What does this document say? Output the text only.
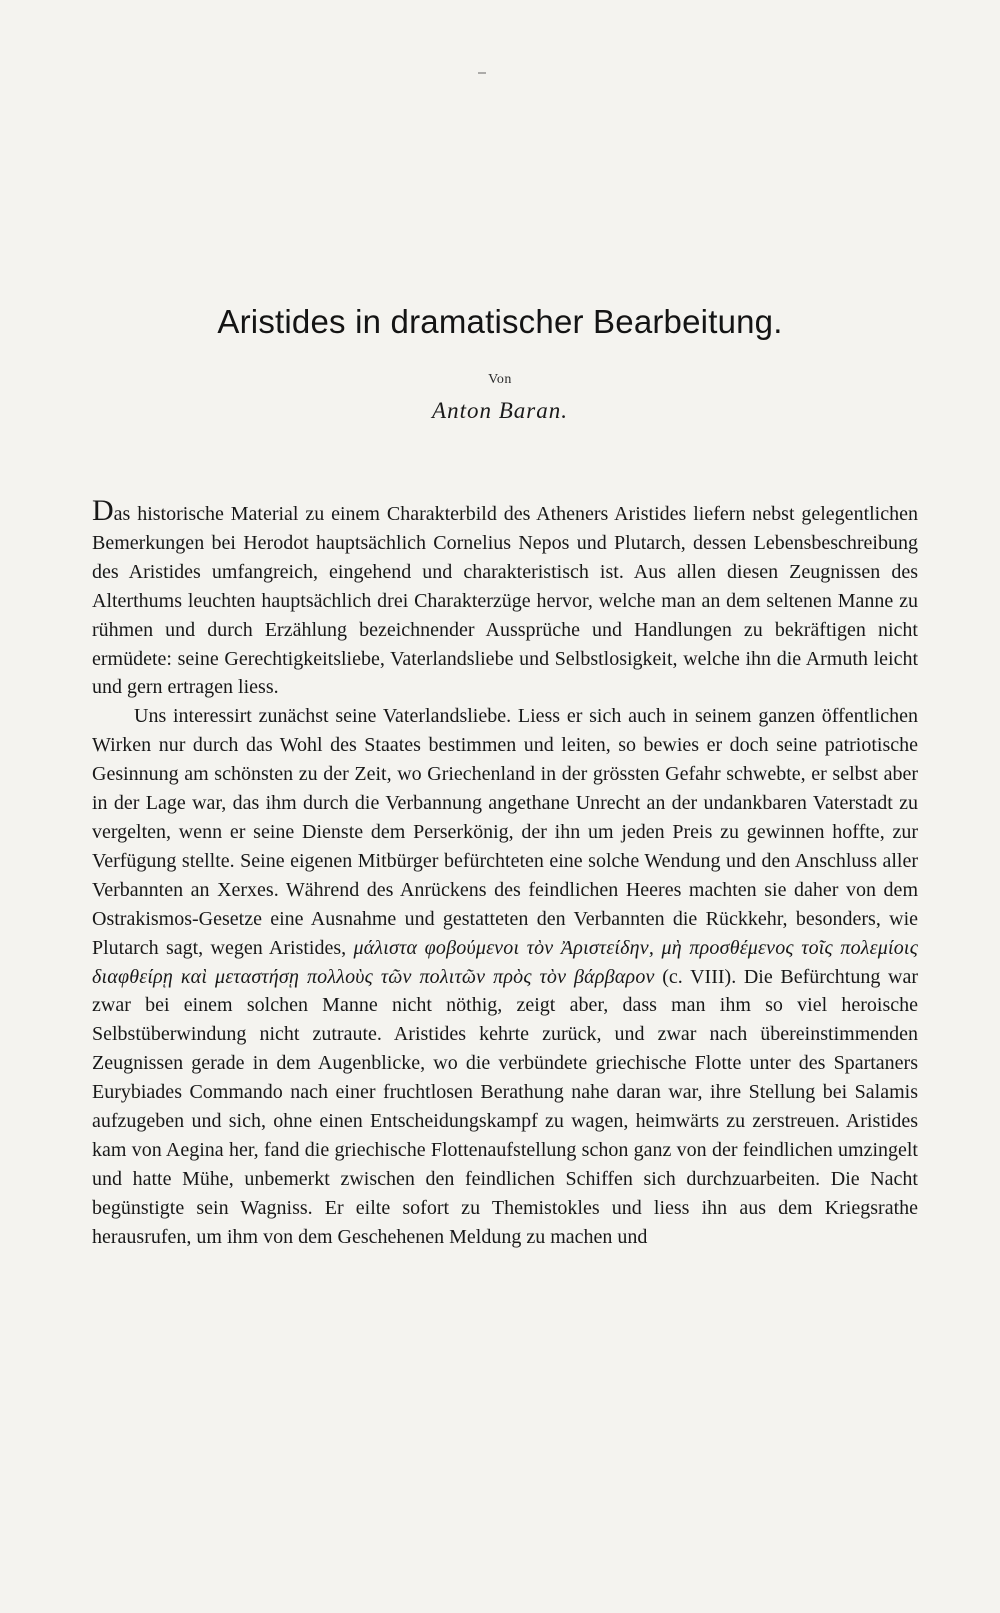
Aristides in dramatischer Bearbeitung.
Von
Anton Baran.

Das historische Material zu einem Charakterbild des Atheners Aristides liefern nebst gelegentlichen Bemerkungen bei Herodot hauptsächlich Cornelius Nepos und Plutarch, dessen Lebensbeschreibung des Aristides umfangreich, eingehend und charakteristisch ist. Aus allen diesen Zeugnissen des Alterthums leuchten hauptsächlich drei Charakterzüge hervor, welche man an dem seltenen Manne zu rühmen und durch Erzählung bezeichnender Aussprüche und Handlungen zu bekräftigen nicht ermüdete: seine Gerechtigkeitsliebe, Vaterlandsliebe und Selbstlosigkeit, welche ihn die Armuth leicht und gern ertragen liess.

Uns interessirt zunächst seine Vaterlandsliebe. Liess er sich auch in seinem ganzen öffentlichen Wirken nur durch das Wohl des Staates bestimmen und leiten, so bewies er doch seine patriotische Gesinnung am schönsten zu der Zeit, wo Griechenland in der grössten Gefahr schwebte, er selbst aber in der Lage war, das ihm durch die Verbannung angethane Unrecht an der undankbaren Vaterstadt zu vergelten, wenn er seine Dienste dem Perserkönig, der ihn um jeden Preis zu gewinnen hoffte, zur Verfügung stellte. Seine eigenen Mitbürger befürchteten eine solche Wendung und den Anschluss aller Verbannten an Xerxes. Während des Anrückens des feindlichen Heeres machten sie daher von dem Ostrakismos-Gesetze eine Ausnahme und gestatteten den Verbannten die Rückkehr, besonders, wie Plutarch sagt, wegen Aristides, μάλιστα φοβούμενοι τὸν Ἀριστείδην, μὴ προσθέμενος τοῖς πολεμίοις διαφθείρῃ καὶ μεταστήσῃ πολλοὺς τῶν πολιτῶν πρὸς τὸν βάρβαρον (c. VIII). Die Befürchtung war zwar bei einem solchen Manne nicht nöthig, zeigt aber, dass man ihm so viel heroische Selbstüberwindung nicht zutraute. Aristides kehrte zurück, und zwar nach übereinstimmenden Zeugnissen gerade in dem Augenblicke, wo die verbündete griechische Flotte unter des Spartaners Eurybiades Commando nach einer fruchtlosen Berathung nahe daran war, ihre Stellung bei Salamis aufzugeben und sich, ohne einen Entscheidungskampf zu wagen, heimwärts zu zerstreuen. Aristides kam von Aegina her, fand die griechische Flottenaufstellung schon ganz von der feindlichen umzingelt und hatte Mühe, unbemerkt zwischen den feindlichen Schiffen sich durchzuarbeiten. Die Nacht begünstigte sein Wagniss. Er eilte sofort zu Themistokles und liess ihn aus dem Kriegsrathe herausrufen, um ihm von dem Geschehenen Meldung zu machen und
